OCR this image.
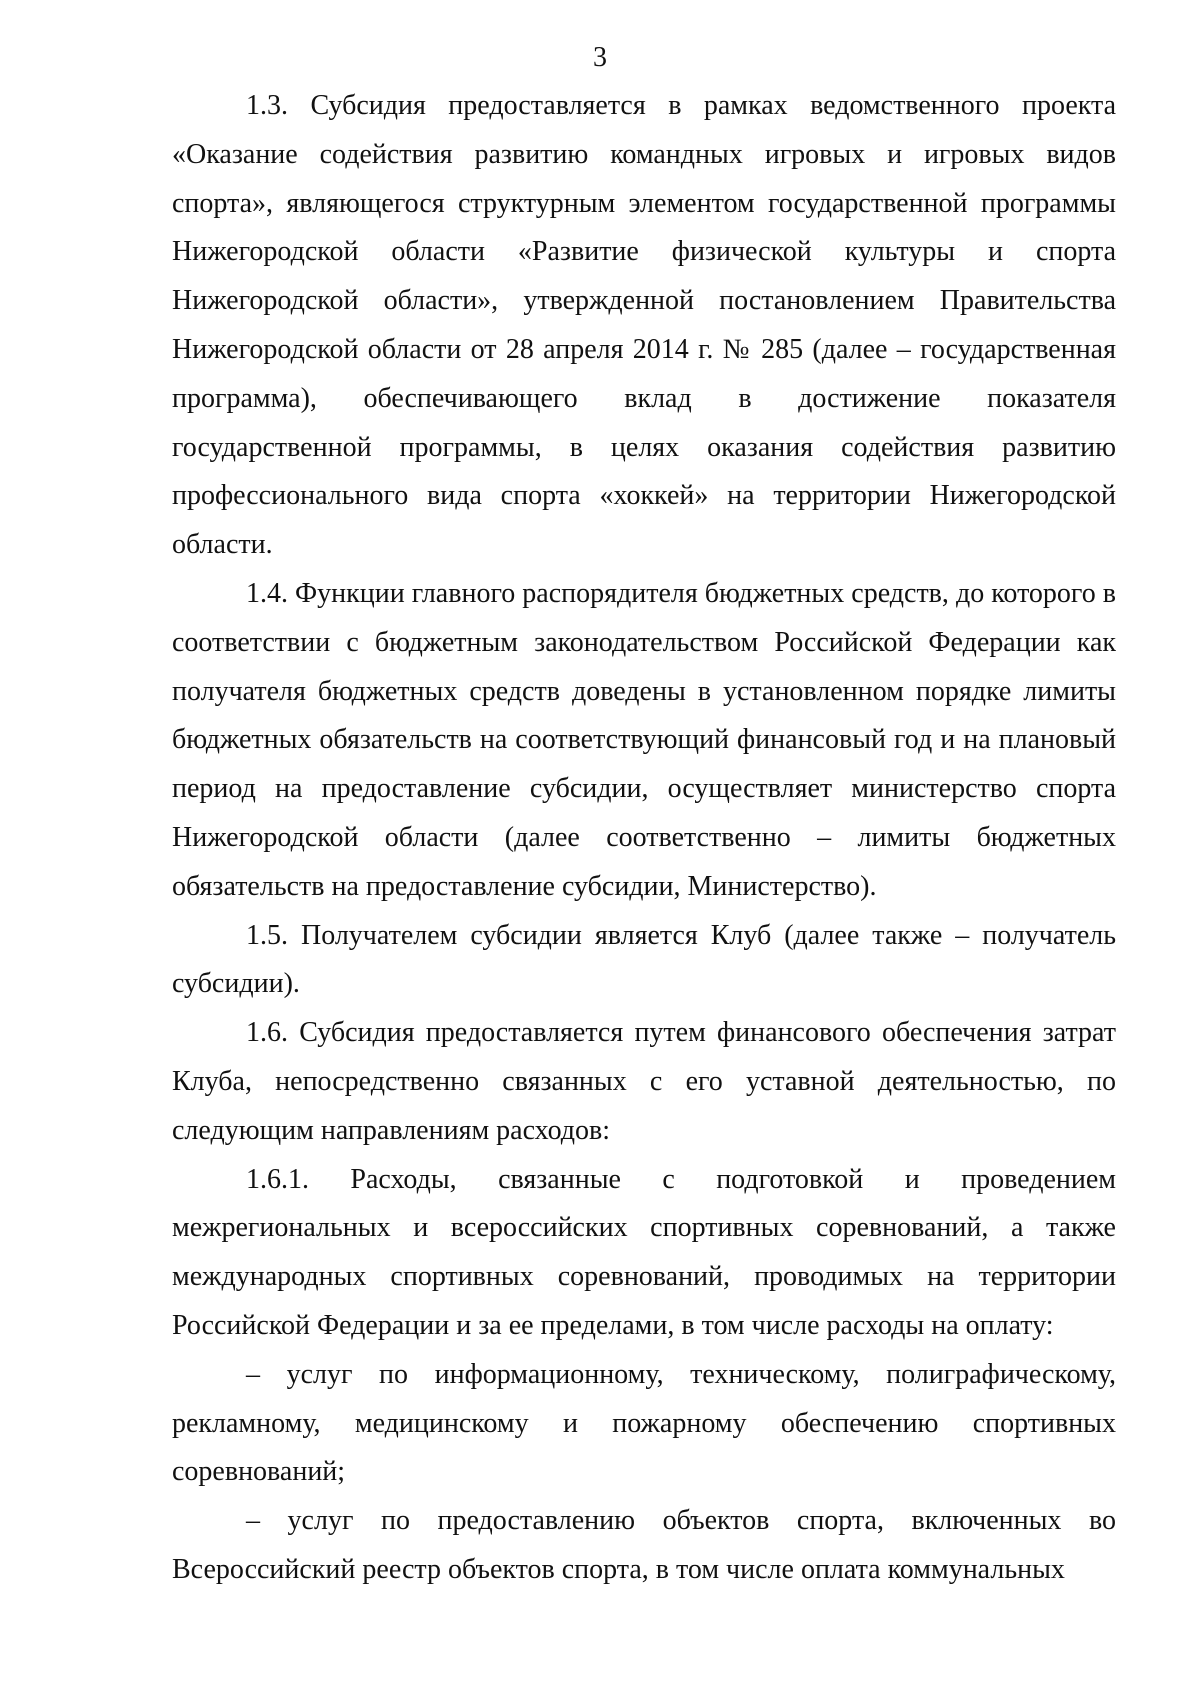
3

1.3. Субсидия предоставляется в рамках ведомственного проекта «Оказание содействия развитию командных игровых и игровых видов спорта», являющегося структурным элементом государственной программы Нижегородской области «Развитие физической культуры и спорта Нижегородской области», утвержденной постановлением Правительства Нижегородской области от 28 апреля 2014 г. № 285 (далее – государственная программа), обеспечивающего вклад в достижение показателя государственной программы, в целях оказания содействия развитию профессионального вида спорта «хоккей» на территории Нижегородской области.

1.4. Функции главного распорядителя бюджетных средств, до которого в соответствии с бюджетным законодательством Российской Федерации как получателя бюджетных средств доведены в установленном порядке лимиты бюджетных обязательств на соответствующий финансовый год и на плановый период на предоставление субсидии, осуществляет министерство спорта Нижегородской области (далее соответственно – лимиты бюджетных обязательств на предоставление субсидии, Министерство).

1.5. Получателем субсидии является Клуб (далее также – получатель субсидии).

1.6. Субсидия предоставляется путем финансового обеспечения затрат Клуба, непосредственно связанных с его уставной деятельностью, по следующим направлениям расходов:

1.6.1. Расходы, связанные с подготовкой и проведением межрегиональных и всероссийских спортивных соревнований, а также международных спортивных соревнований, проводимых на территории Российской Федерации и за ее пределами, в том числе расходы на оплату:

– услуг по информационному, техническому, полиграфическому, рекламному, медицинскому и пожарному обеспечению спортивных соревнований;

– услуг по предоставлению объектов спорта, включенных во Всероссийский реестр объектов спорта, в том числе оплата коммунальных
